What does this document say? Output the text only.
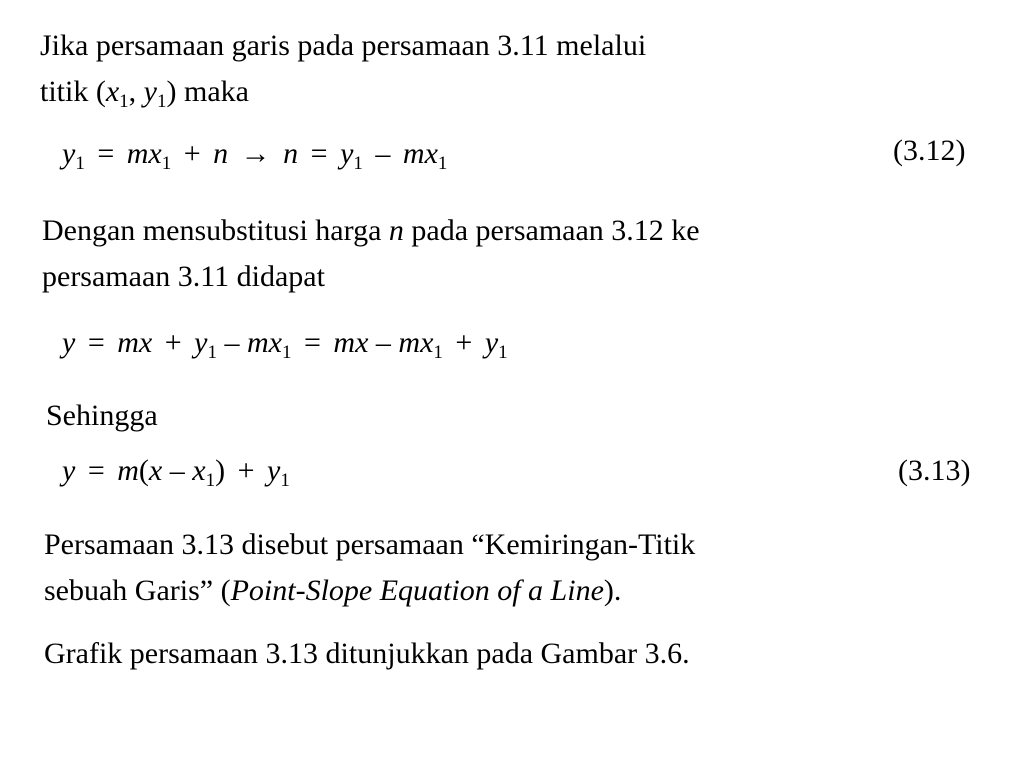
Jika persamaan garis pada persamaan 3.11 melalui
titik ($x_1$, $y_1$) maka
$y_1 = mx_1 + n \to n = y_1 - mx_1$	(3.12)
Dengan mensubstitusi harga n pada persamaan 3.12 ke
persamaan 3.11 didapat
y = mx + $y_1 - mx_1$ = mx – $mx_1 + y_1$
Sehingga
$y = m(x - x_1) + y_1$	(3.13)
Persamaan 3.13 disebut persamaan “Kemiringan-Titik
sebuah Garis” (Point-Slope Equation of a Line).
Grafik persamaan 3.13 ditunjukkan pada Gambar 3.6.
